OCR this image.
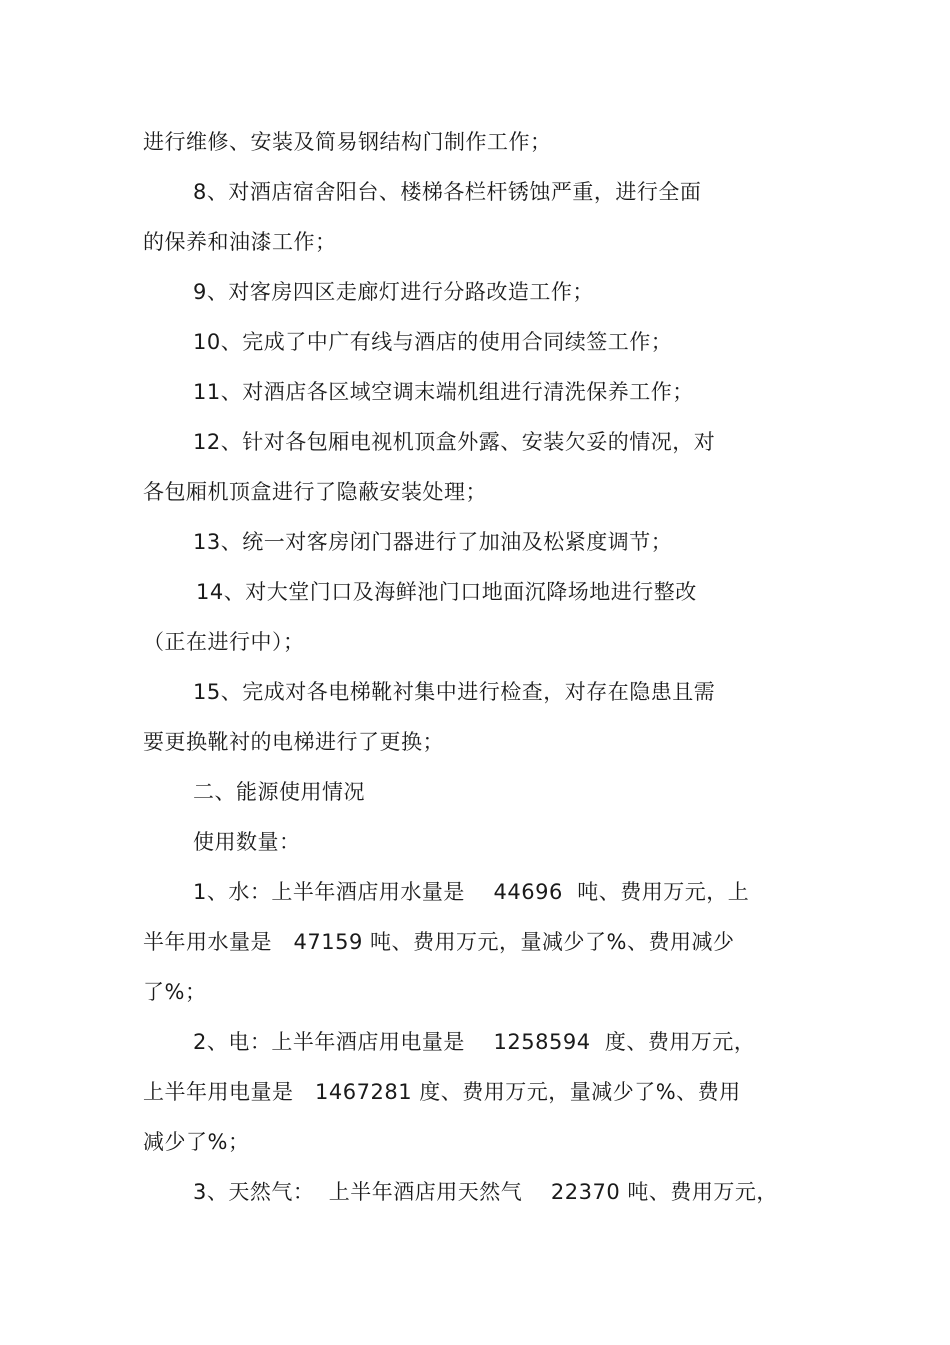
进行维修、安装及简易钢结构门制作工作；
8、对酒店宿舍阳台、楼梯各栏杆锈蚀严重，进行全面
的保养和油漆工作；
9、对客房四区走廊灯进行分路改造工作；
10、完成了中广有线与酒店的使用合同续签工作；
11、对酒店各区域空调末端机组进行清洗保养工作；
12、针对各包厢电视机顶盒外露、安装欠妥的情况，对
各包厢机顶盒进行了隐蔽安装处理；
13、统一对客房闭门器进行了加油及松紧度调节；
14、对大堂门口及海鲜池门口地面沉降场地进行整改
（正在进行中）；
15、完成对各电梯靴衬集中进行检查，对存在隐患且需
要更换靴衬的电梯进行了更换；
二、能源使用情况
使用数量：
1、水：上半年酒店用水量是    44696  吨、费用万元，上
半年用水量是   47159 吨、费用万元，量减少了%、费用减少
了%；
2、电：上半年酒店用电量是    1258594  度、费用万元，
上半年用电量是   1467281 度、费用万元，量减少了%、费用
减少了%；
3、天然气：  上半年酒店用天然气    22370 吨、费用万元，
